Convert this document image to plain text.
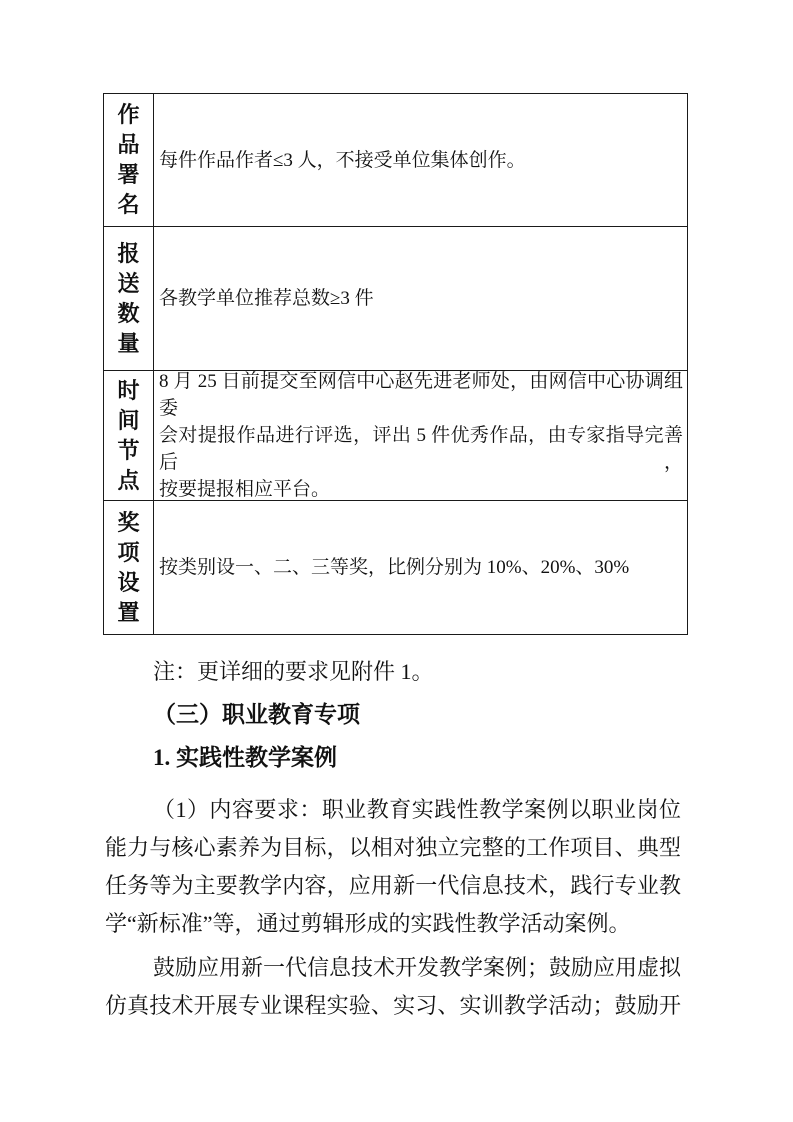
作品署名
每件作品作者≤3 人，不接受单位集体创作。
报送数量
各教学单位推荐总数≥3 件
时间节点
8 月 25 日前提交至网信中心赵先进老师处，由网信中心协调组委
会对提报作品进行评选，评出 5 件优秀作品，由专家指导完善后，
按要提报相应平台。
奖项设置
按类别设一、二、三等奖，比例分别为 10%、20%、30%
注：更详细的要求见附件 1。
（三）职业教育专项
1. 实践性教学案例
（1）内容要求：职业教育实践性教学案例以职业岗位
能力与核心素养为目标，以相对独立完整的工作项目、典型
任务等为主要教学内容，应用新一代信息技术，践行专业教
学“新标准”等，通过剪辑形成的实践性教学活动案例。
鼓励应用新一代信息技术开发教学案例；鼓励应用虚拟
仿真技术开展专业课程实验、实习、实训教学活动；鼓励开
